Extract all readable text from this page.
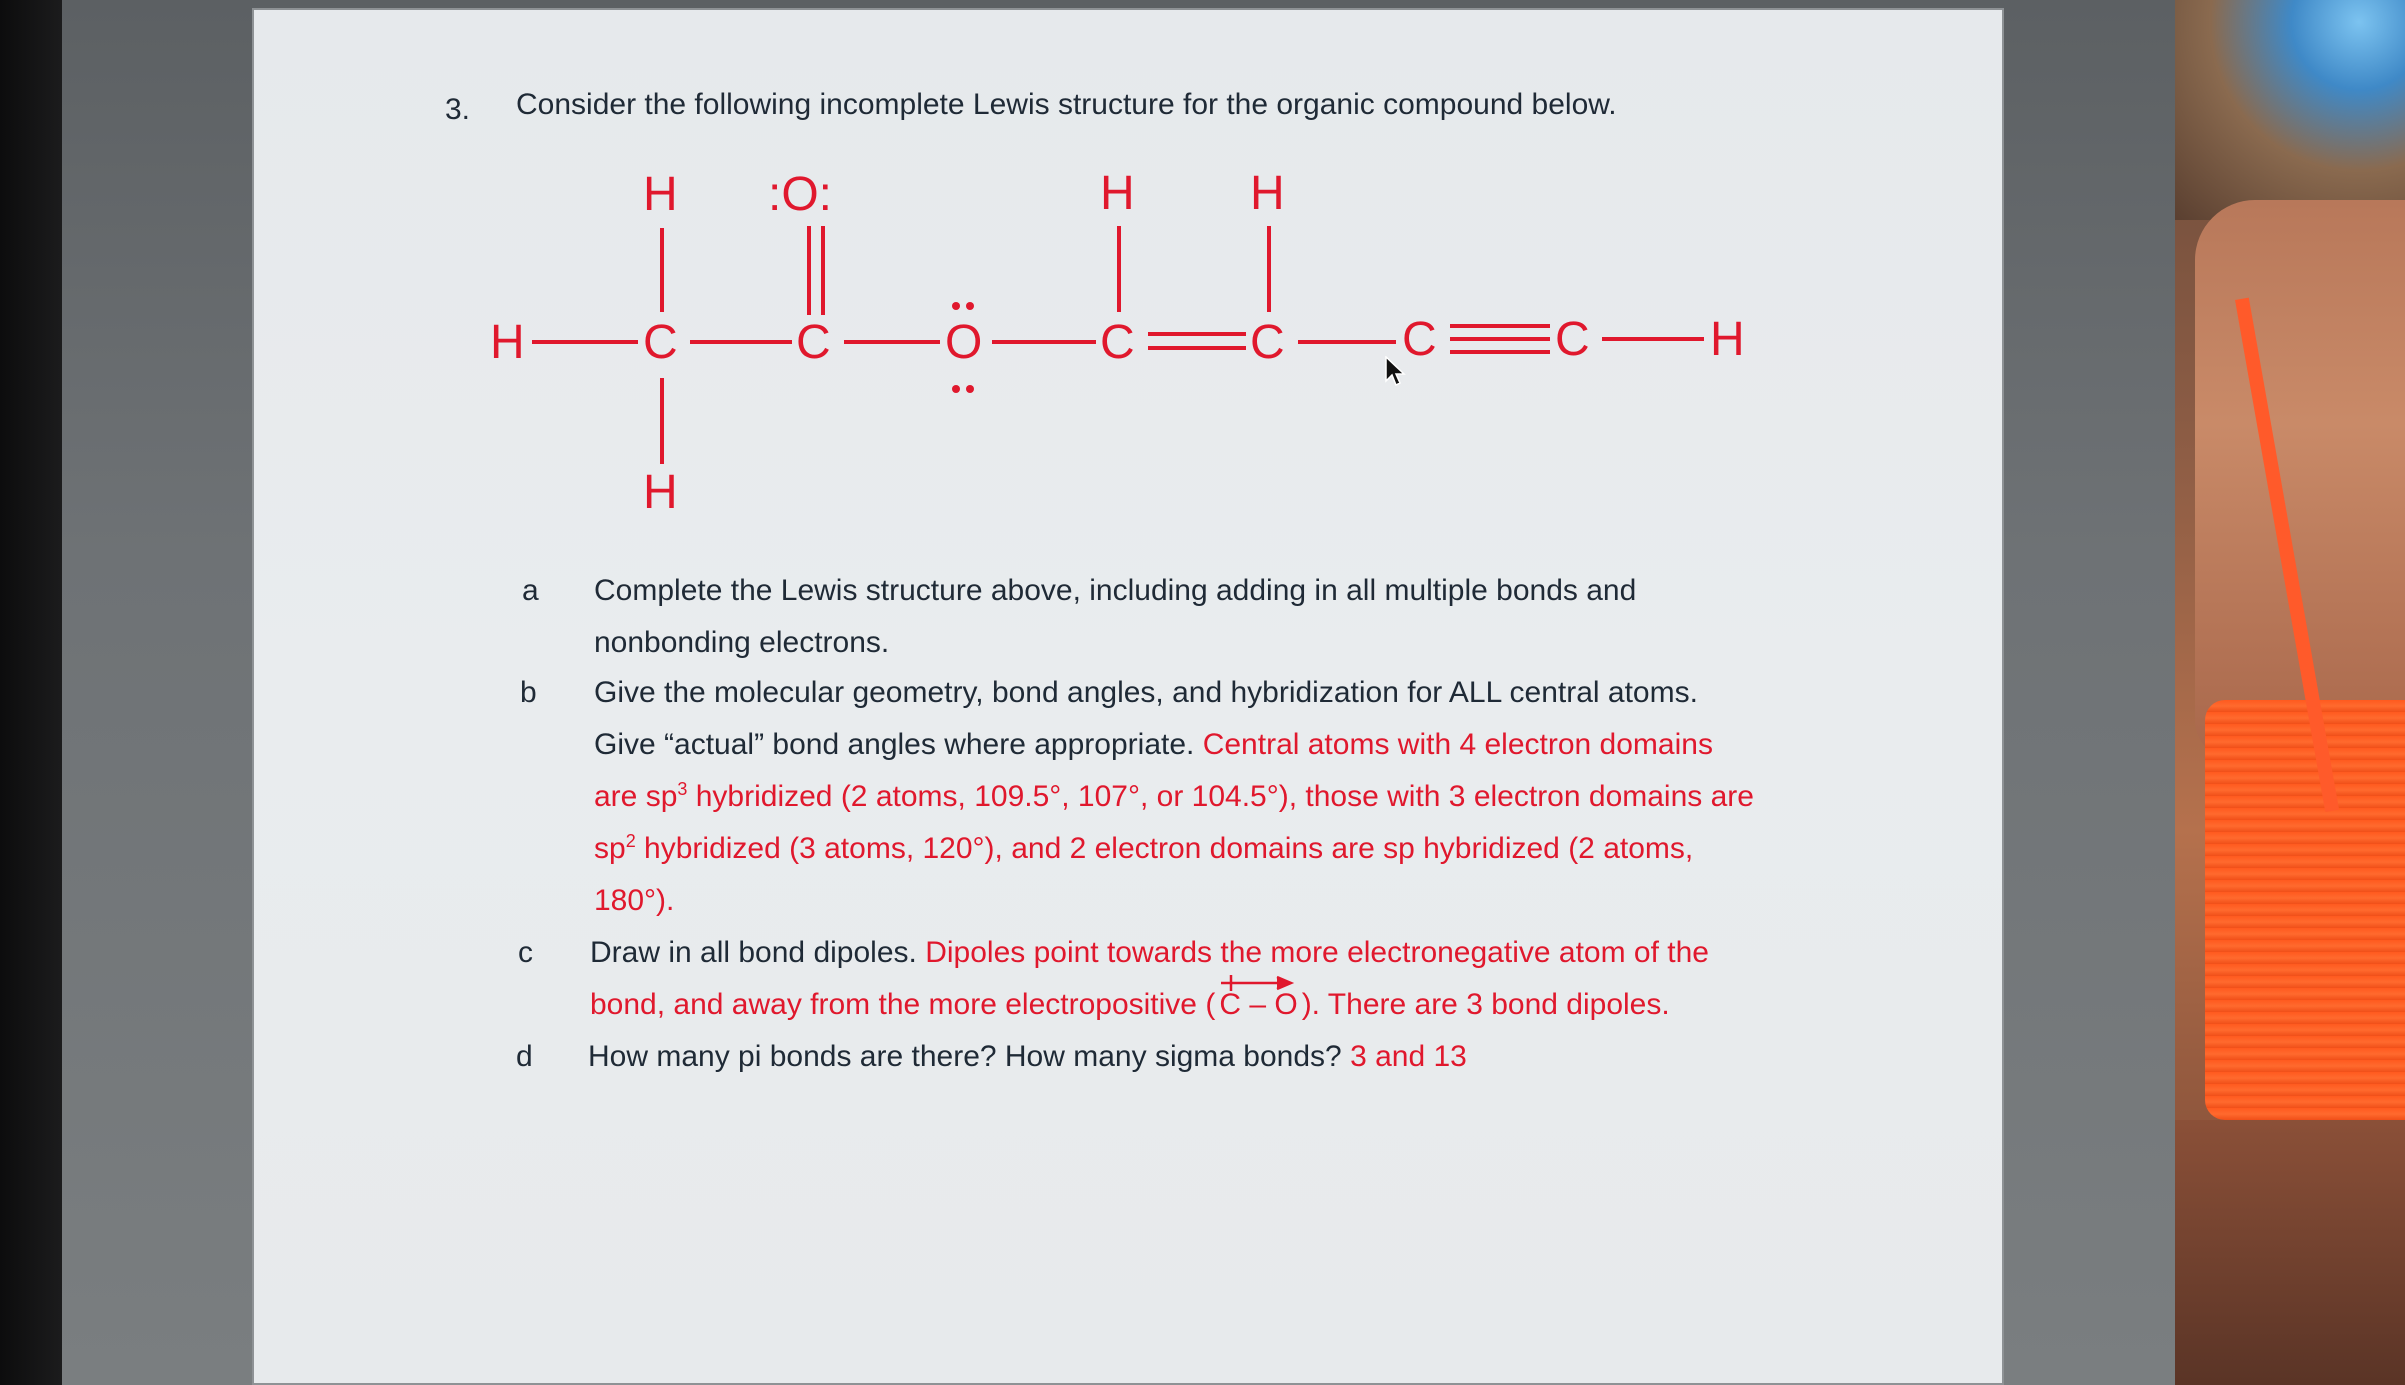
3. Consider the following incomplete Lewis structure for the organic compound below.
H C
H
H
C
:O:
O C
H
C
H
C C	H
a	Complete the Lewis structure above, including adding in all multiple bonds and
nonbonding electrons.
b	Give the molecular geometry, bond angles, and hybridization for ALL central atoms.
Give “actual” bond angles where appropriate. Central atoms with 4 electron domains
are $sp^3$ hybridized (2 atoms, 109.5°, 107°, or 104.5°), those with 3 electron domains are
$sp^2$ hybridized (3 atoms, 120°), and 2 electron domains are sp hybridized (2 atoms,
180°).
c	Draw in all bond dipoles. Dipoles point towards the more electronegative atom of the
bond, and away from the more electropositive ( C – O ). There are 3 bond dipoles.
d	How many pi bonds are there? How many sigma bonds? 3 and 13
